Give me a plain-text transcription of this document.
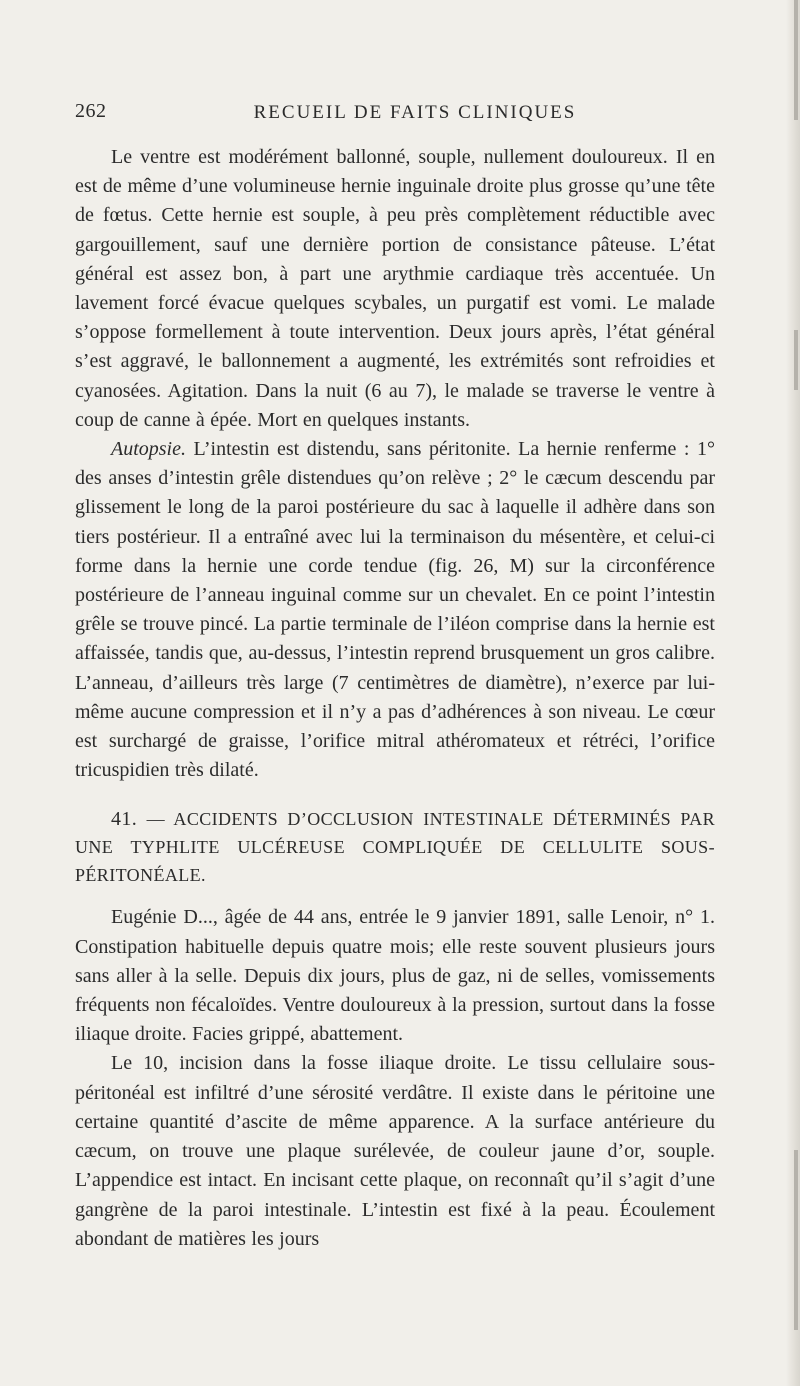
262	RECUEIL DE FAITS CLINIQUES

Le ventre est modérément ballonné, souple, nullement douloureux. Il en est de même d’une volumineuse hernie inguinale droite plus grosse qu’une tête de fœtus. Cette hernie est souple, à peu près complètement réductible avec gargouillement, sauf une dernière portion de consistance pâteuse. L’état général est assez bon, à part une arythmie cardiaque très accentuée. Un lavement forcé évacue quelques scybales, un purgatif est vomi. Le malade s’oppose formellement à toute intervention. Deux jours après, l’état général s’est aggravé, le ballonnement a augmenté, les extrémités sont refroidies et cyanosées. Agitation. Dans la nuit (6 au 7), le malade se traverse le ventre à coup de canne à épée. Mort en quelques instants.

Autopsie. L’intestin est distendu, sans péritonite. La hernie renferme : 1° des anses d’intestin grêle distendues qu’on relève ; 2° le cæcum descendu par glissement le long de la paroi postérieure du sac à laquelle il adhère dans son tiers postérieur. Il a entraîné avec lui la terminaison du mésentère, et celui-ci forme dans la hernie une corde tendue (fig. 26, M) sur la circonférence postérieure de l’anneau inguinal comme sur un chevalet. En ce point l’intestin grêle se trouve pincé. La partie terminale de l’iléon comprise dans la hernie est affaissée, tandis que, au-dessus, l’intestin reprend brusquement un gros calibre. L’anneau, d’ailleurs très large (7 centimètres de diamètre), n’exerce par lui-même aucune compression et il n’y a pas d’adhérences à son niveau. Le cœur est surchargé de graisse, l’orifice mitral athéromateux et rétréci, l’orifice tricuspidien très dilaté.

41. — ACCIDENTS D’OCCLUSION INTESTINALE DÉTERMINÉS PAR UNE TYPHLITE ULCÉREUSE COMPLIQUÉE DE CELLULITE SOUS-PÉRITONÉALE.

Eugénie D..., âgée de 44 ans, entrée le 9 janvier 1891, salle Lenoir, n° 1. Constipation habituelle depuis quatre mois; elle reste souvent plusieurs jours sans aller à la selle. Depuis dix jours, plus de gaz, ni de selles, vomissements fréquents non fécaloïdes. Ventre douloureux à la pression, surtout dans la fosse iliaque droite. Facies grippé, abattement.

Le 10, incision dans la fosse iliaque droite. Le tissu cellulaire sous-péritonéal est infiltré d’une sérosité verdâtre. Il existe dans le péritoine une certaine quantité d’ascite de même apparence. A la surface antérieure du cæcum, on trouve une plaque surélevée, de couleur jaune d’or, souple. L’appendice est intact. En incisant cette plaque, on reconnaît qu’il s’agit d’une gangrène de la paroi intestinale. L’intestin est fixé à la peau. Écoulement abondant de matières les jours
